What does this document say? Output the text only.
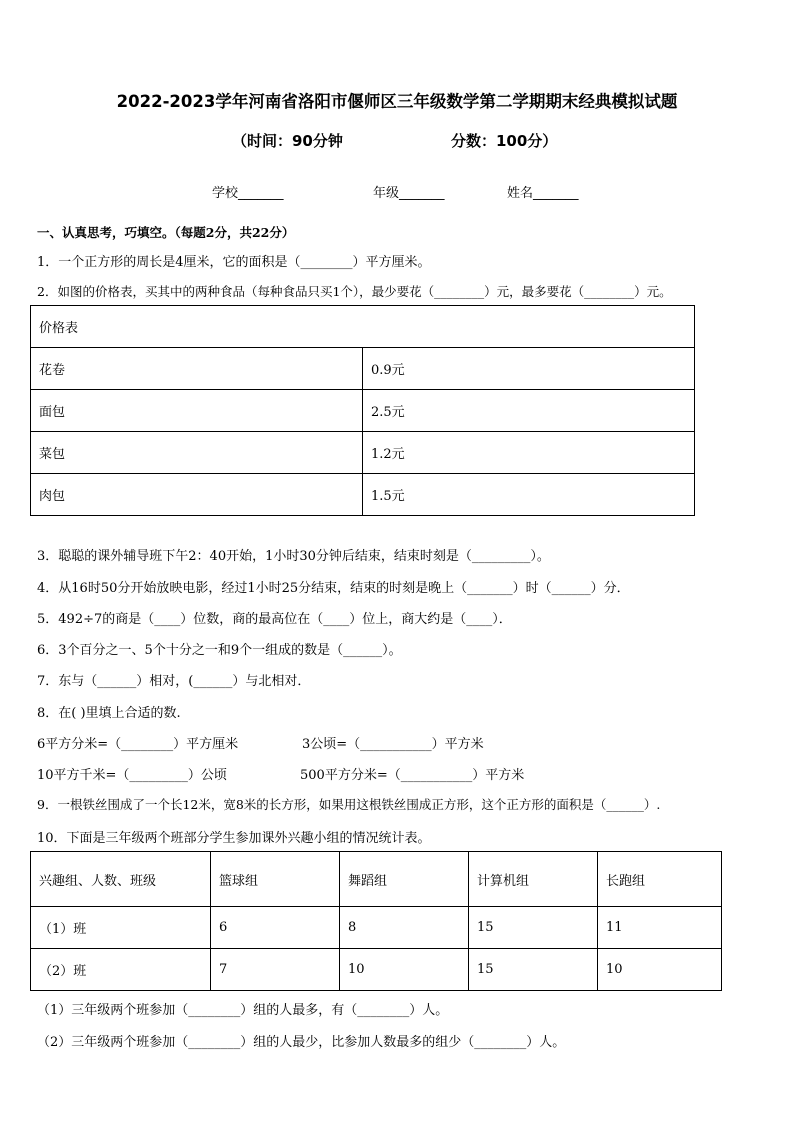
2022-2023学年河南省洛阳市偃师区三年级数学第二学期期末经典模拟试题
（时间：90分钟	分数：100分）
学校_______	年级_______	姓名_______
一、认真思考，巧填空。（每题2分，共22分）
1．一个正方形的周长是4厘米，它的面积是（________）平方厘米。
2．如图的价格表，买其中的两种食品（每种食品只买1个），最少要花（________）元，最多要花（________）元。
价格表	
花卷	0.9元
面包	2.5元
菜包	1.2元
肉包	1.5元
3．聪聪的课外辅导班下午2：40开始，1小时30分钟后结束，结束时刻是（_________）。
4．从16时50分开始放映电影，经过1小时25分结束，结束的时刻是晚上（_______）时（______）分．
5．492÷7的商是（____）位数，商的最高位在（____）位上，商大约是（____）．
6．3个百分之一、5个十分之一和9个一组成的数是（______）。
7．东与（______）相对，(______）与北相对．
8．在( )里填上合适的数.
6平方分米=（________）平方厘米	3公顷=（___________）平方米
10平方千米=（_________）公顷	500平方分米=（___________）平方米
9．一根铁丝围成了一个长12米，宽8米的长方形，如果用这根铁丝围成正方形，这个正方形的面积是（______）.
10．下面是三年级两个班部分学生参加课外兴趣小组的情况统计表。
兴趣组、人数、班级	篮球组	舞蹈组	计算机组	长跑组
（1）班	6	8	15	11
（2）班	7	10	15	10
（1）三年级两个班参加（________）组的人最多，有（________）人。
（2）三年级两个班参加（________）组的人最少，比参加人数最多的组少（________）人。
